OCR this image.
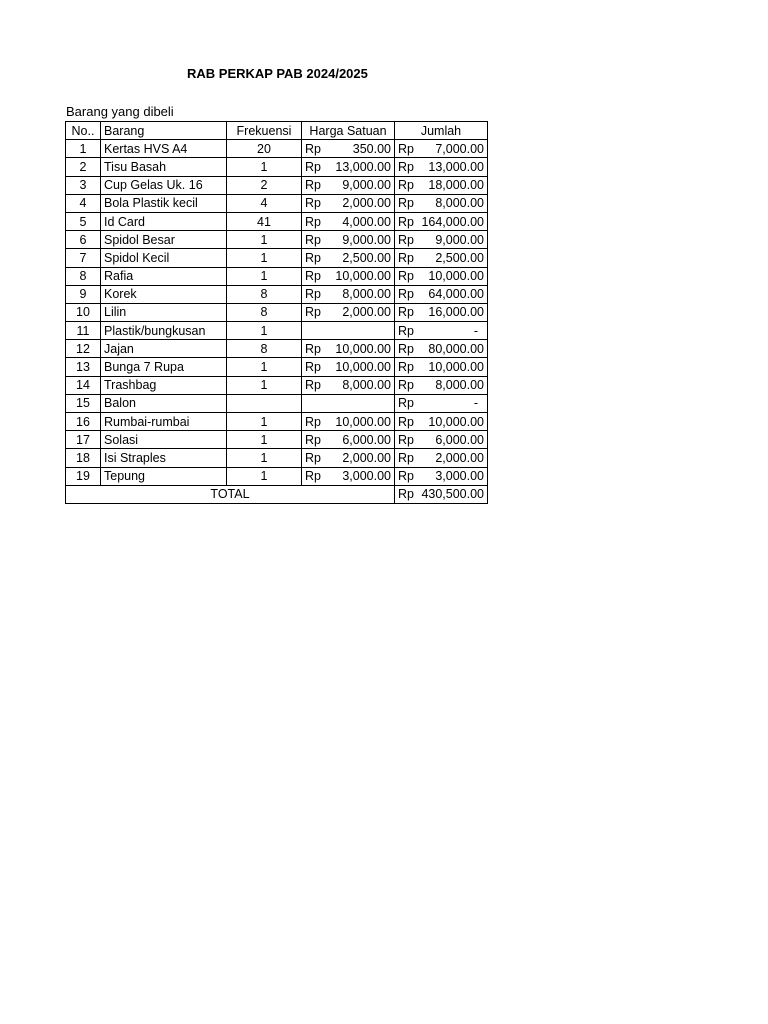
RAB PERKAP PAB 2024/2025
Barang yang dibeli
No..	Barang	Frekuensi	Harga Satuan	Jumlah
1	Kertas HVS A4	20	Rp 350.00	Rp 7,000.00

2	Tisu Basah	1	Rp 13,000.00	Rp 13,000.00

3	Cup Gelas Uk. 16	2	Rp 9,000.00	Rp 18,000.00

4	Bola Plastik kecil	4	Rp 2,000.00	Rp 8,000.00

5	Id Card	41	Rp 4,000.00	Rp 164,000.00

6	Spidol Besar	1	Rp 9,000.00	Rp 9,000.00

7	Spidol Kecil	1	Rp 2,500.00	Rp 2,500.00

8	Rafia	1	Rp 10,000.00	Rp 10,000.00

9	Korek	8	Rp 8,000.00	Rp 64,000.00

10	Lilin	8	Rp 2,000.00	Rp 16,000.00

11	Plastik/bungkusan	1		Rp -

12	Jajan	8	Rp 10,000.00	Rp 80,000.00

13	Bunga 7 Rupa	1	Rp 10,000.00	Rp 10,000.00

14	Trashbag	1	Rp 8,000.00	Rp 8,000.00

15	Balon			Rp -

16	Rumbai-rumbai	1	Rp 10,000.00	Rp 10,000.00

17	Solasi	1	Rp 6,000.00	Rp 6,000.00

18	Isi Straples	1	Rp 2,000.00	Rp 2,000.00

19	Tepung	1	Rp 3,000.00	Rp 3,000.00

TOTAL				Rp 430,500.00
